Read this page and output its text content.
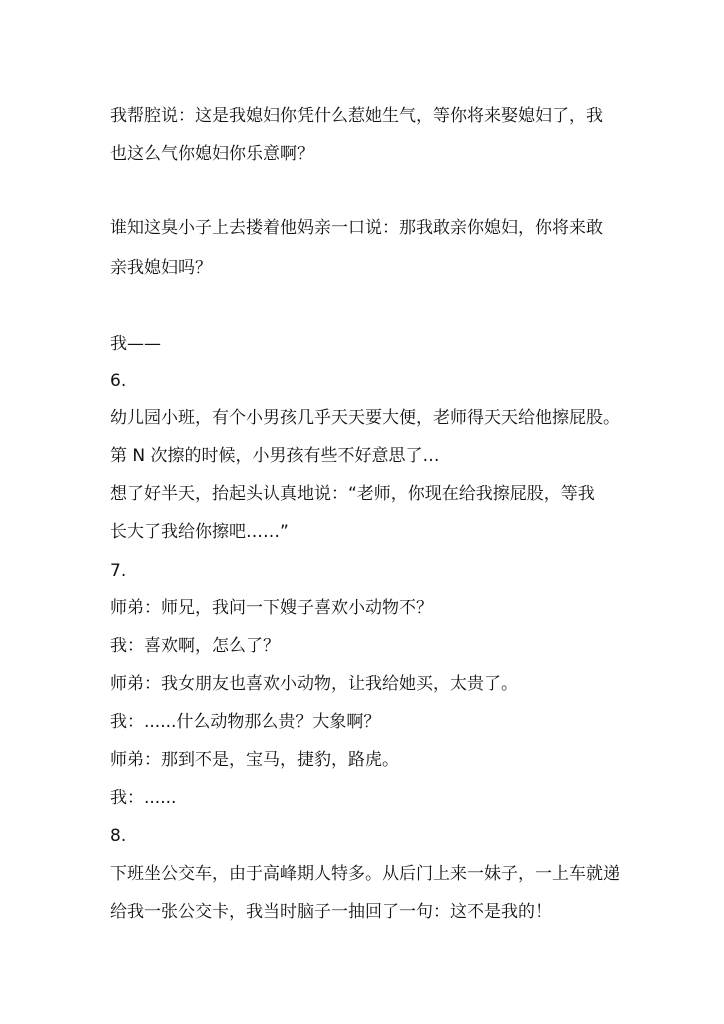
我帮腔说：这是我媳妇你凭什么惹她生气，等你将来娶媳妇了，我
也这么气你媳妇你乐意啊？
谁知这臭小子上去搂着他妈亲一口说：那我敢亲你媳妇，你将来敢
亲我媳妇吗？
我——
6.
幼儿园小班，有个小男孩几乎天天要大便，老师得天天给他擦屁股。
第 N 次擦的时候，小男孩有些不好意思了…
想了好半天，抬起头认真地说：“老师，你现在给我擦屁股，等我
长大了我给你擦吧……”
7.
师弟：师兄，我问一下嫂子喜欢小动物不？
我：喜欢啊，怎么了？
师弟：我女朋友也喜欢小动物，让我给她买，太贵了。
我：......什么动物那么贵？大象啊？
师弟：那到不是，宝马，捷豹，路虎。
我：......
8.
下班坐公交车，由于高峰期人特多。从后门上来一妹子，一上车就递
给我一张公交卡，我当时脑子一抽回了一句：这不是我的！
